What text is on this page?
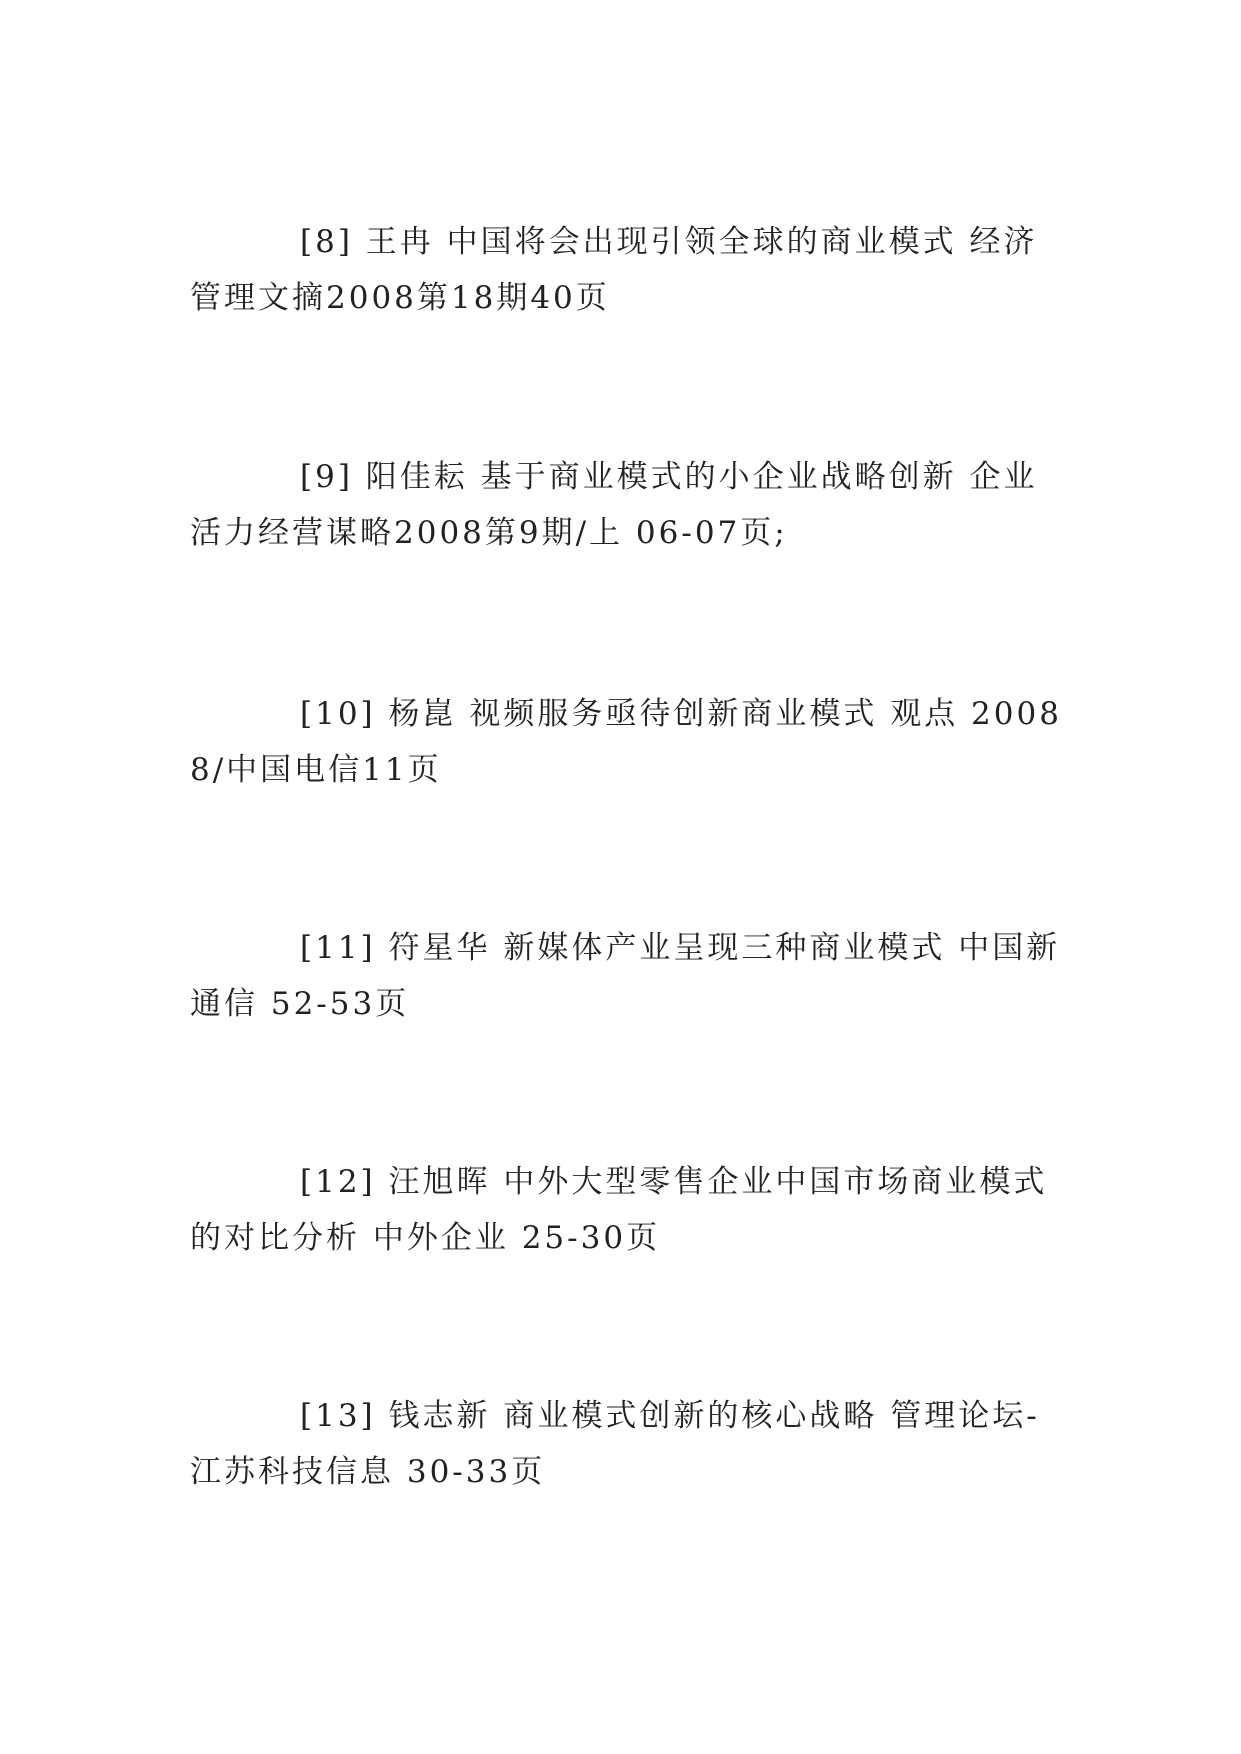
[8] 王冉 中国将会出现引领全球的商业模式 经济
管理文摘2008第18期40页

[9] 阳佳耘 基于商业模式的小企业战略创新 企业
活力经营谋略2008第9期/上 06-07页;

[10] 杨崑 视频服务亟待创新商业模式 观点 2008
8/中国电信11页

[11] 符星华 新媒体产业呈现三种商业模式 中国新
通信 52-53页

[12] 汪旭晖 中外大型零售企业中国市场商业模式
的对比分析 中外企业 25-30页

[13] 钱志新 商业模式创新的核心战略 管理论坛-
江苏科技信息 30-33页
